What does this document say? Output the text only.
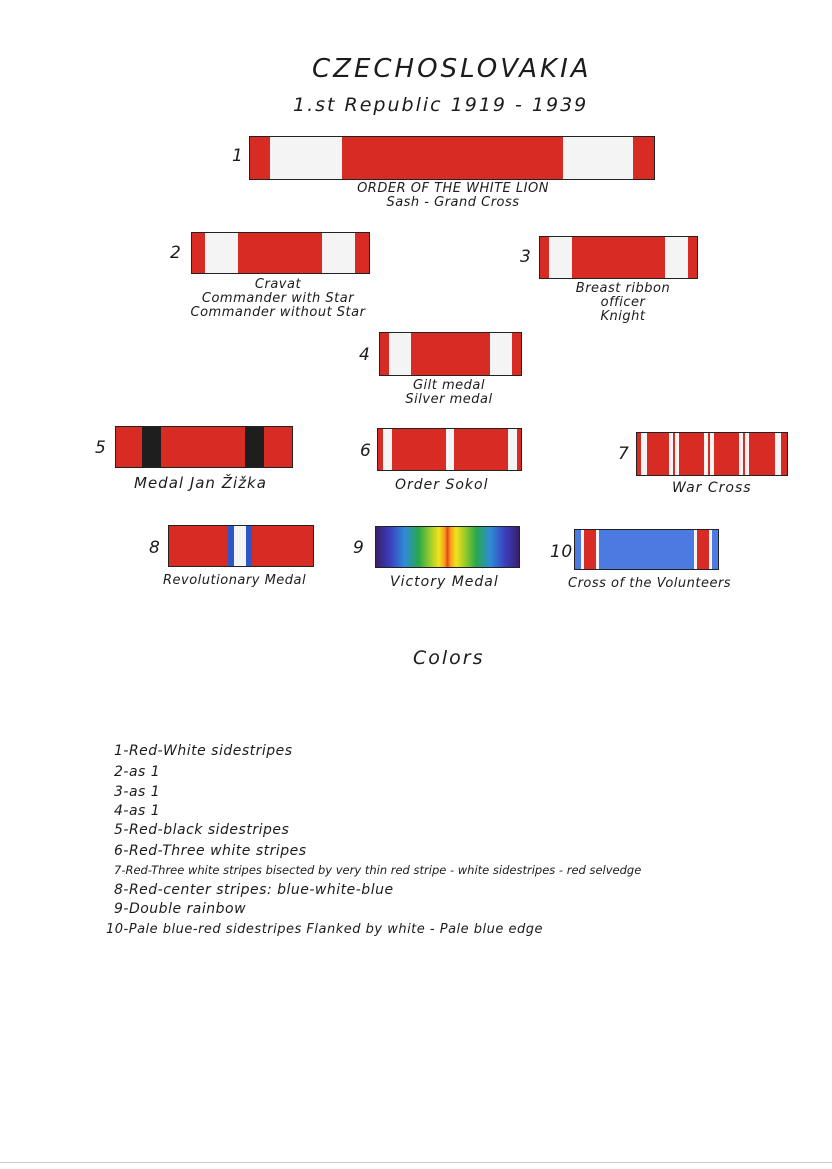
CZECHOSLOVAKIA
1.st Republic 1919 - 1939
1
ORDER OF THE WHITE LION
Sash - Grand Cross
2
Cravat
Commander with Star
Commander without Star
3
Breast ribbon
officer
Knight
4
Gilt medal
Silver medal
5
Medal Jan Žižka
6
Order Sokol
7
War Cross
8
Revolutionary Medal
9
Victory Medal
10
Cross of the Volunteers
Colors
1-Red-White sidestripes
2-as 1
3-as 1
4-as 1
5-Red-black sidestripes
6-Red-Three white stripes
7-Red-Three white stripes bisected by very thin red stripe - white sidestripes - red selvedge
8-Red-center stripes: blue-white-blue
9-Double rainbow
10-Pale blue-red sidestripes Flanked by white - Pale blue edge
